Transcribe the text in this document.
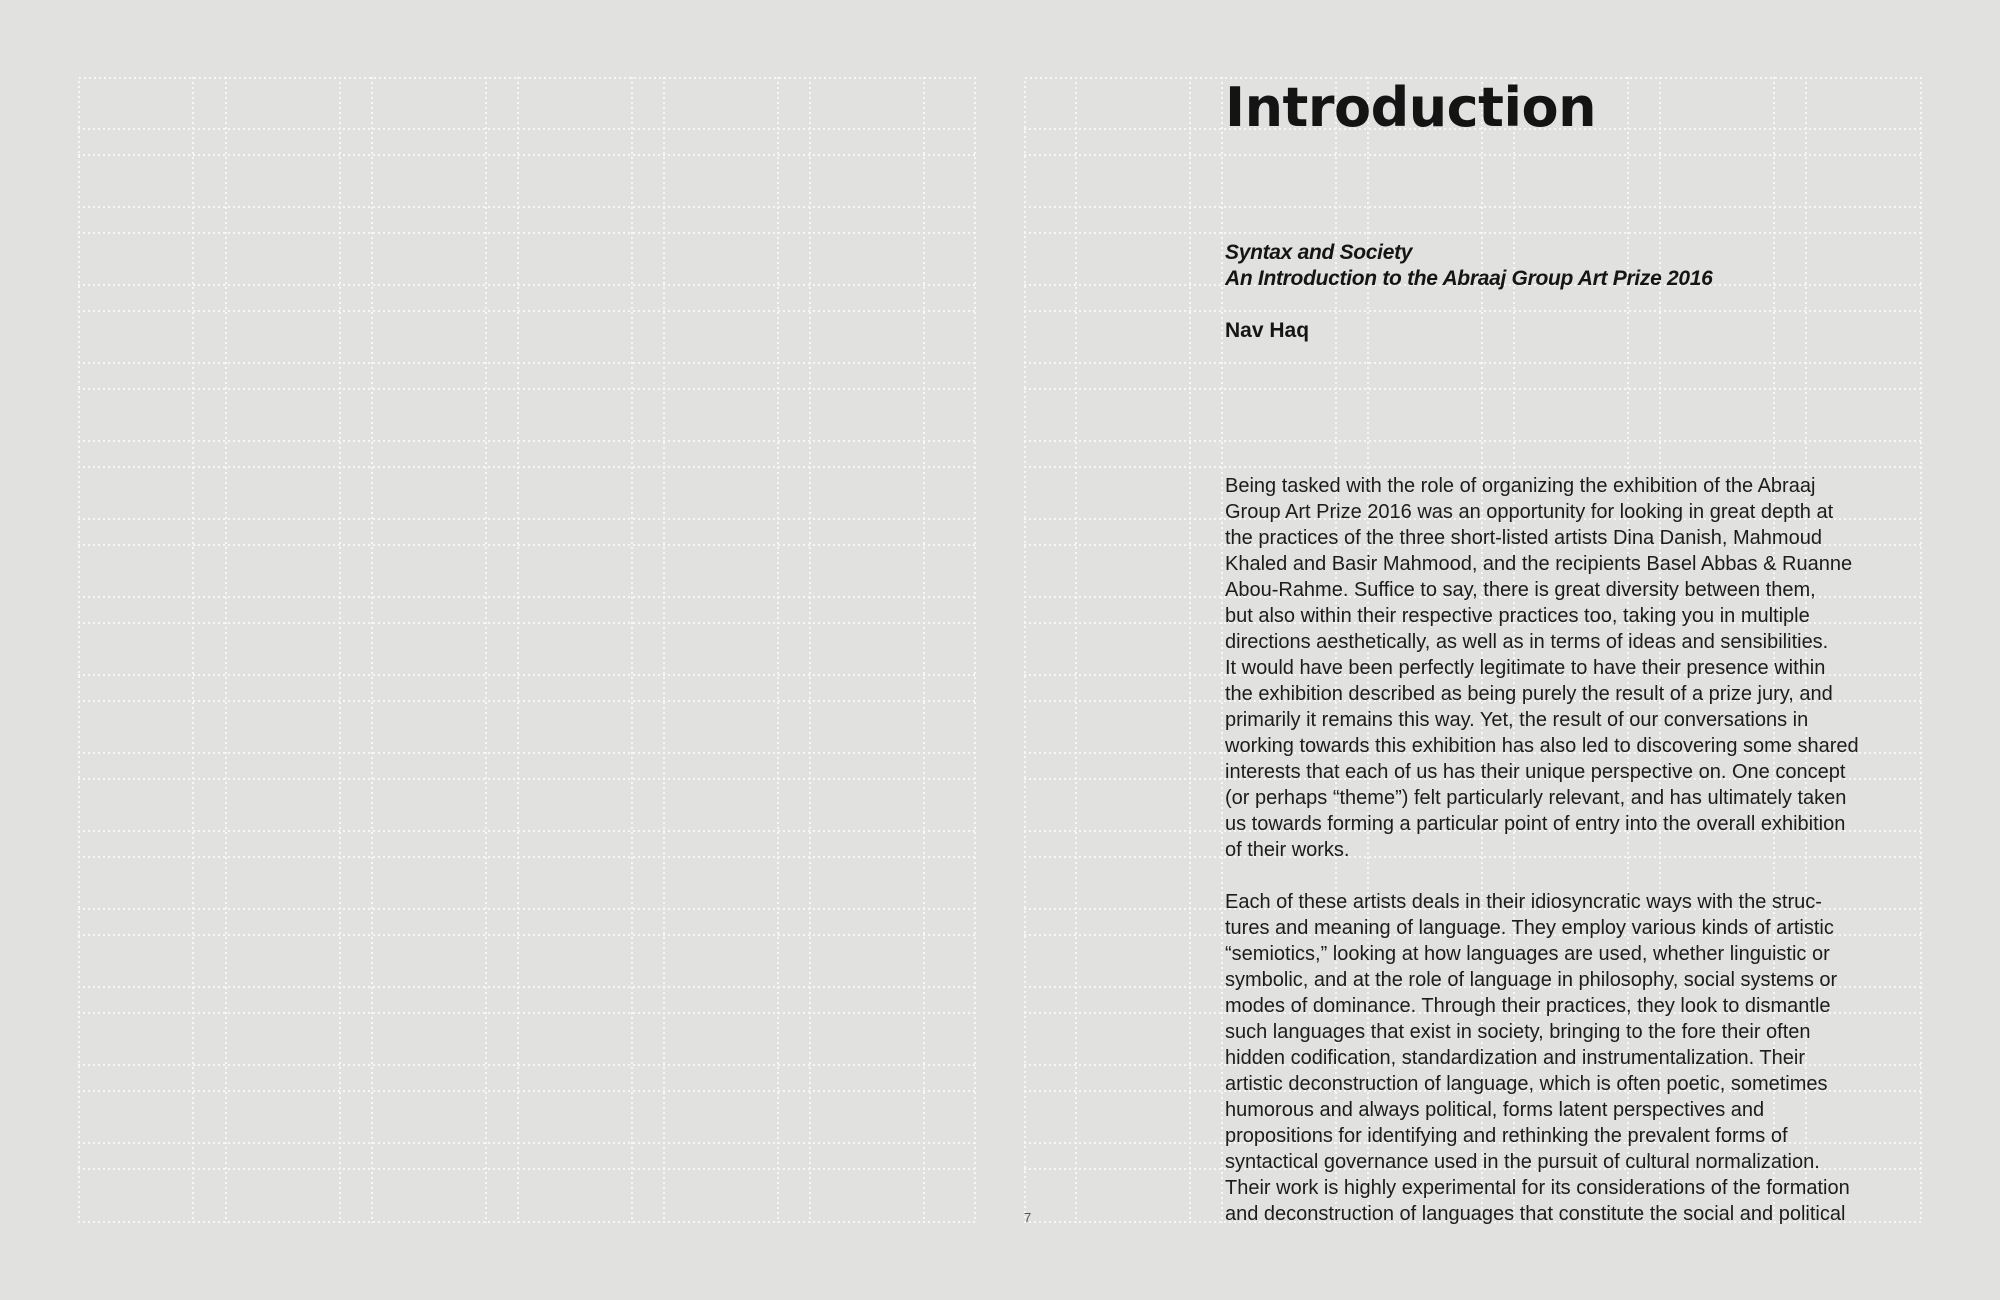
7
Introduction
Syntax and Society
An Introduction to the Abraaj Group Art Prize 2016
Nav Haq
Being tasked with the role of organizing the exhibition of the Abraaj
Group Art Prize 2016 was an opportunity for looking in great depth at
the practices of the three short-listed artists Dina Danish, Mahmoud
Khaled and Basir Mahmood, and the recipients Basel Abbas & Ruanne
Abou-Rahme. Suffice to say, there is great diversity between them,
but also within their respective practices too, taking you in multiple
directions aesthetically, as well as in terms of ideas and sensibilities.
It would have been perfectly legitimate to have their presence within
the exhibition described as being purely the result of a prize jury, and
primarily it remains this way. Yet, the result of our conversations in
working towards this exhibition has also led to discovering some shared
interests that each of us has their unique perspective on. One concept
(or perhaps “theme”) felt particularly relevant, and has ultimately taken
us towards forming a particular point of entry into the overall exhibition
of their works.
Each of these artists deals in their idiosyncratic ways with the struc-
tures and meaning of language. They employ various kinds of artistic
“semiotics,” looking at how languages are used, whether linguistic or
symbolic, and at the role of language in philosophy, social systems or
modes of dominance. Through their practices, they look to dismantle
such languages that exist in society, bringing to the fore their often
hidden codification, standardization and instrumentalization. Their
artistic deconstruction of language, which is often poetic, sometimes
humorous and always political, forms latent perspectives and
propositions for identifying and rethinking the prevalent forms of
syntactical governance used in the pursuit of cultural normalization.
Their work is highly experimental for its considerations of the formation
and deconstruction of languages that constitute the social and political
